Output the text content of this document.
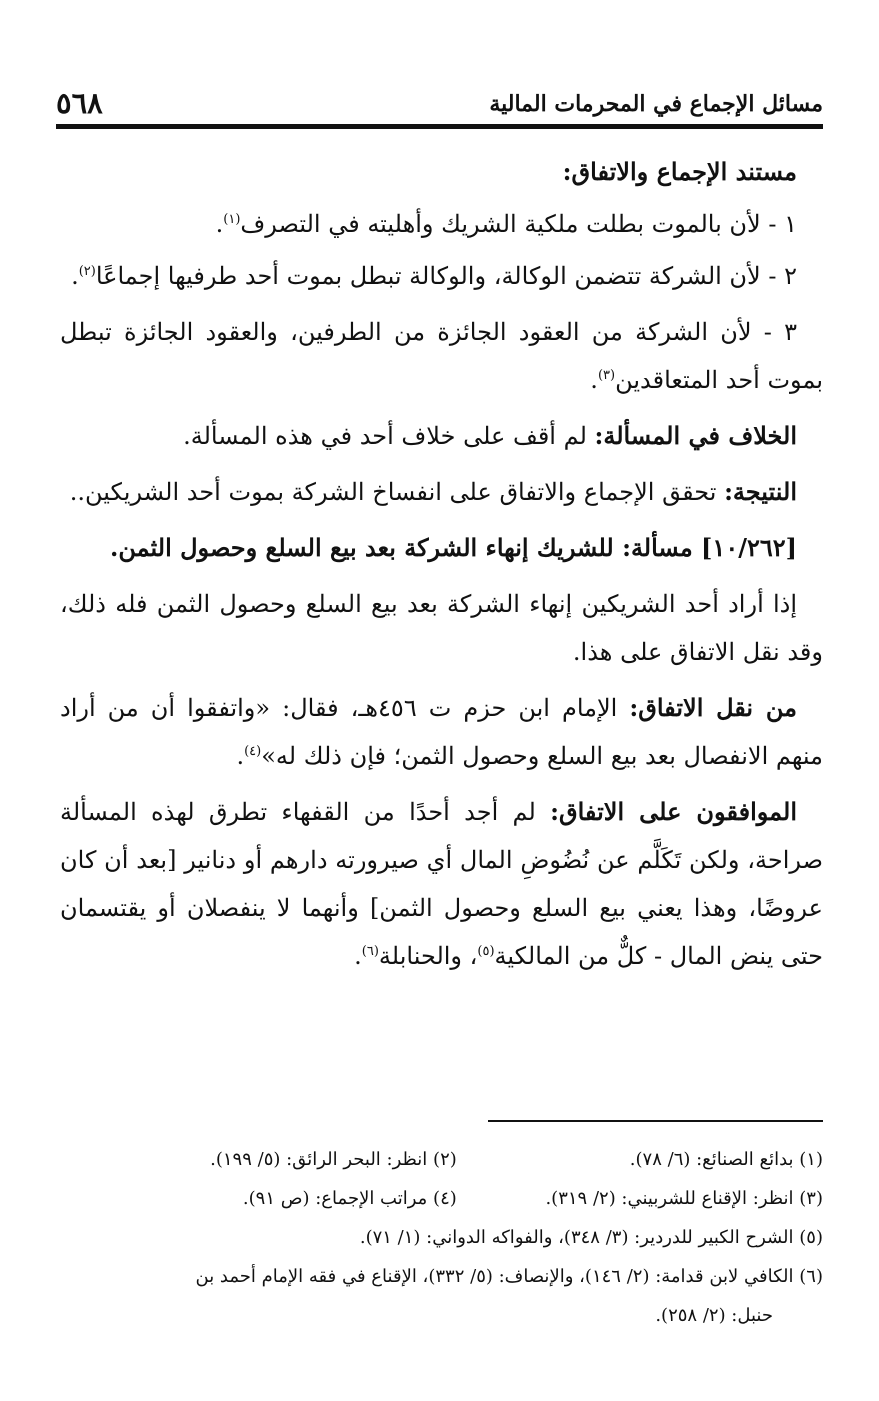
مسائل الإجماع في المحرمات المالية
٥٦٨

مستند الإجماع والاتفاق:

١ - لأن بالموت بطلت ملكية الشريك وأهليته في التصرف$^{(١)}$.

٢ - لأن الشركة تتضمن الوكالة، والوكالة تبطل بموت أحد طرفيها إجماعًا$^{(٢)}$.

٣ - لأن الشركة من العقود الجائزة من الطرفين، والعقود الجائزة تبطل بموت أحد المتعاقدين$^{(٣)}$.

الخلاف في المسألة: لم أقف على خلاف أحد في هذه المسألة.

النتيجة: تحقق الإجماع والاتفاق على انفساخ الشركة بموت أحد الشريكين..

[١٠/٢٦٢] مسألة: للشريك إنهاء الشركة بعد بيع السلع وحصول الثمن.

إذا أراد أحد الشريكين إنهاء الشركة بعد بيع السلع وحصول الثمن فله ذلك، وقد نقل الاتفاق على هذا.

من نقل الاتفاق: الإمام ابن حزم ت ٤٥٦هـ، فقال: «واتفقوا أن من أراد منهم الانفصال بعد بيع السلع وحصول الثمن؛ فإن ذلك له»$^{(٤)}$.

الموافقون على الاتفاق: لم أجد أحدًا من القفهاء تطرق لهذه المسألة صراحة، ولكن تَكَلَّم عن نُضُوضِ المال أي صيرورته دارهم أو دنانير [بعد أن كان عروضًا، وهذا يعني بيع السلع وحصول الثمن] وأنهما لا ينفصلان أو يقتسمان حتى ينض المال - كلٌّ من المالكية$^{(٥)}$، والحنابلة$^{(٦)}$.

(١) بدائع الصنائع: (٦/ ٧٨).
(٢) انظر: البحر الرائق: (٥/ ١٩٩).
(٣) انظر: الإقناع للشربيني: (٢/ ٣١٩).
(٤) مراتب الإجماع: (ص ٩١).
(٥) الشرح الكبير للدردير: (٣/ ٣٤٨)، والفواكه الدواني: (١/ ٧١).
(٦) الكافي لابن قدامة: (٢/ ١٤٦)، والإنصاف: (٥/ ٣٣٢)، الإقناع في فقه الإمام أحمد بن
حنبل: (٢/ ٢٥٨).
